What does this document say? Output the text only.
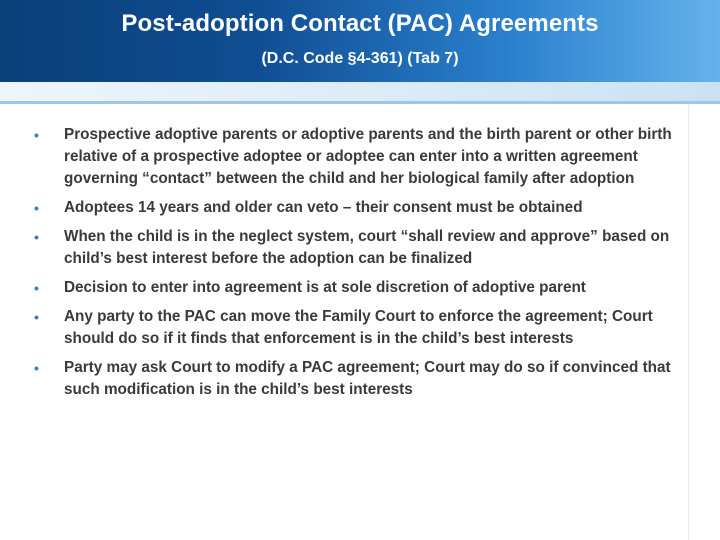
Post-adoption Contact (PAC) Agreements
(D.C. Code §4-361) (Tab 7)
• Prospective adoptive parents or adoptive parents and the birth parent or other birth relative of a prospective adoptee or adoptee can enter into a written agreement governing “contact” between the child and her biological family after adoption
• Adoptees 14 years and older can veto – their consent must be obtained
• When the child is in the neglect system, court “shall review and approve” based on child’s best interest before the adoption can be finalized
• Decision to enter into agreement is at sole discretion of adoptive parent
• Any party to the PAC can move the Family Court to enforce the agreement; Court should do so if it finds that enforcement is in the child’s best interests
• Party may ask Court to modify a PAC agreement; Court may do so if convinced that such modification is in the child’s best interests
